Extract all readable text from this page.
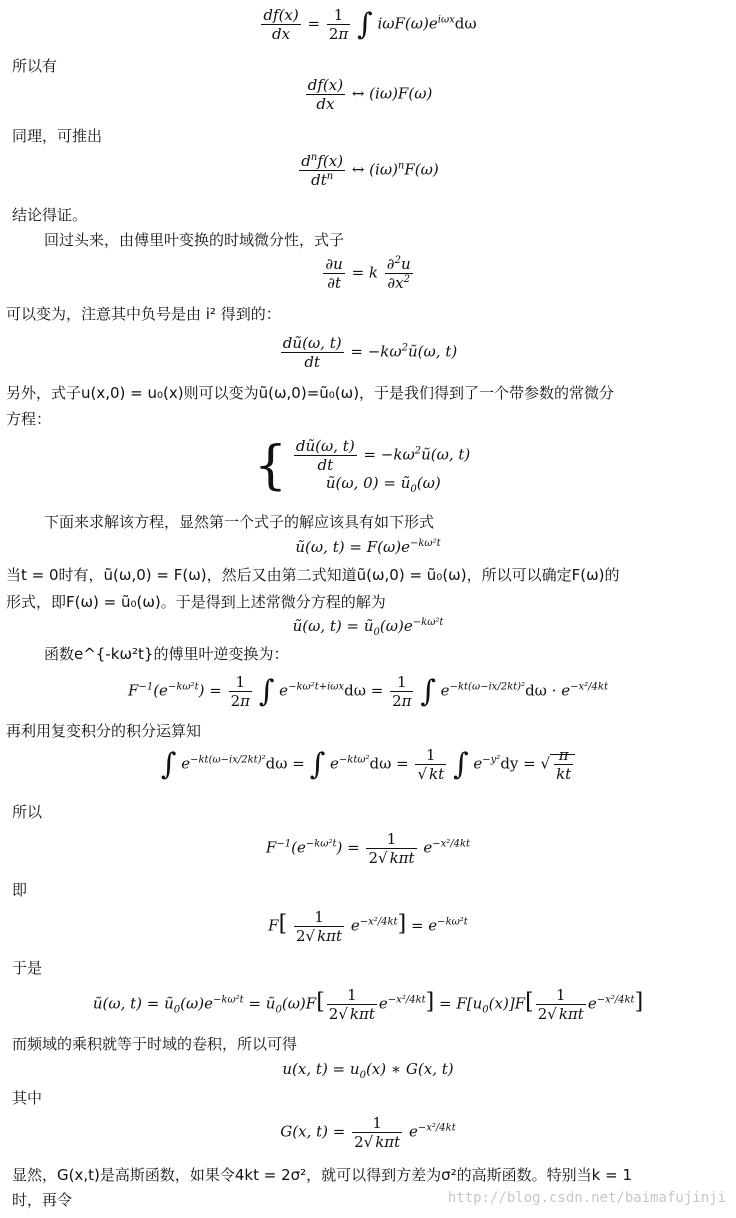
$\frac{df(x)}{dx} = \frac{1}{2\pi}$ ∫ $i\omega F(\omega)e^{i\omega x}d\omega$
所以有
$\frac{df(x)}{dx}$ ↔ (iω)F(ω)
同理，可推出
$\frac{d^nf(x)}{dt^n}$ ↔ $(i\omega)^nF(\omega)$
结论得证。
回过头来，由傅里叶变换的时域微分性，式子
$\frac{\partial u}{\partial t} = k \frac{\partial^2u}{\partial x^2}$
可以变为，注意其中负号是由 i² 得到的：
$\frac{dũ(\omega, t)}{dt}$ = $-k\omega^2ũ(\omega$, t)
另外，式子u(x,0) = u₀(x)则可以变为ũ(ω,0)=ũ₀(ω)，于是我们得到了一个带参数的常微分
方程：
{ $\frac{dũ(\omega, t)}{dt}$ = $-k\omega^2ũ(\omega$, t)
ũ(ω, $0) = ũ_0(\omega)$
下面来求解该方程，显然第一个式子的解应该具有如下形式
ũ(ω, $t) = F(\omega)e^{-k\omega^2t}$
当t = 0时有，ũ(ω,0) = F(ω)，然后又由第二式知道ũ(ω,0) = ũ₀(ω)，所以可以确定F(ω)的
形式，即F(ω) = ũ₀(ω)。于是得到上述常微分方程的解为
ũ(ω, $t) = ũ_0(\omega)e^{-k\omega^2t}$
函数e^{-kω²t}的傅里叶逆变换为：
$F^{-1}(e^{-k\omega^2t}) = \frac{1}{2\pi}$ ∫ $e^{-k\omega^2t+i\omega x}d\omega = \frac{1}{2\pi}$ ∫ $e^{-kt(\omega-ix/2kt)^2}d\omega \cdot e^{-x^2/4kt}$
再利用复变积分的积分运算知
∫ $e^{-kt(\omega-ix/2kt)^2}d\omega$ = ∫ $e^{-kt\omega^2}d\omega = \frac{1}{√ kt}$ ∫ $e^{-y^2}dy$ = √ $\frac{\pi}{kt}$
所以
$F^{-1}(e^{-k\omega^2t}) = \frac{1}{\text{2√ kπt}} e^{-x^2/4kt}$
即
$F[ \frac{1}{\text{2√ kπt}} e^{-x^2/4kt}] = e^{-k\omega^2t}$
于是
ũ(ω, $t) = ũ_0(\omega)e^{-k\omega^2t}$ = $ũ_0(\omega)F[ \frac{1}{\text{2√ kπt}} e^{-x^2/4kt}] = F[u_0(x)]F[ \frac{1}{\text{2√ kπt}} e^{-x^2/4kt}]$
而频域的乘积就等于时域的卷积，所以可得
u(x, $t) = u_0(x)$ ∗ G(x, t)
其中
G(x, $t) = \frac{1}{\text{2√ kπt}} e^{-x^2/4kt}$
显然，G(x,t)是高斯函数，如果令4kt = 2σ²，就可以得到方差为σ²的高斯函数。特别当k = 1
时，再令	http://blog.csdn.net/baimafujinji
